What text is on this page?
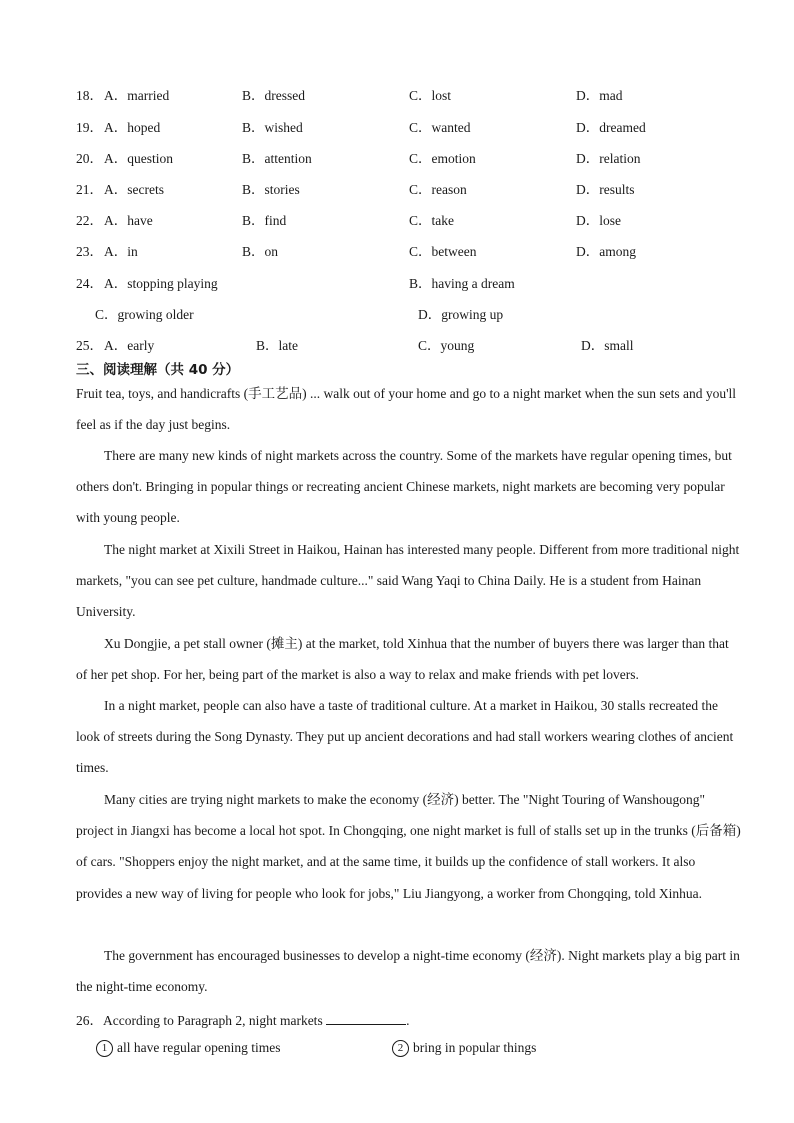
18． A．married	B．dressed	C．lost	D．mad
19． A．hoped	B．wished	C．wanted	D．dreamed
20． A．question	B．attention	C．emotion	D．relation
21． A．secrets	B．stories	C．reason	D．results
22． A．have	B．find	C．take	D．lose
23． A．in	B．on	C．between	D．among
24． A．stopping playing	B．having a dream
C．growing older	D．growing up
25． A．early	B．late	C．young	D．small
三、阅读理解（共 40 分）
Fruit tea, toys, and handicrafts (手工艺品) ... walk out of your home and go to a night market when the sun sets and you'll feel as if the day just begins.
There are many new kinds of night markets across the country. Some of the markets have regular opening times, but others don't. Bringing in popular things or recreating ancient Chinese markets, night markets are becoming very popular with young people.
The night market at Xixili Street in Haikou, Hainan has interested many people. Different from more traditional night markets, "you can see pet culture, handmade culture..." said Wang Yaqi to China Daily. He is a student from Hainan University.
Xu Dongjie, a pet stall owner (摊主) at the market, told Xinhua that the number of buyers there was larger than that of her pet shop. For her, being part of the market is also a way to relax and make friends with pet lovers.
In a night market, people can also have a taste of traditional culture. At a market in Haikou, 30 stalls recreated the look of streets during the Song Dynasty. They put up ancient decorations and had stall workers wearing clothes of ancient times.
Many cities are trying night markets to make the economy (经济) better. The "Night Touring of Wanshougong" project in Jiangxi has become a local hot spot. In Chongqing, one night market is full of stalls set up in the trunks (后备箱) of cars. "Shoppers enjoy the night market, and at the same time, it builds up the confidence of stall workers. It also provides a new way of living for people who look for jobs," Liu Jiangyong, a worker from Chongqing, told Xinhua.
The government has encouraged businesses to develop a night-time economy (经济). Night markets play a big part in the night-time economy.
26．According to Paragraph 2, night markets	.
1 all have regular opening times	2 bring in popular things
